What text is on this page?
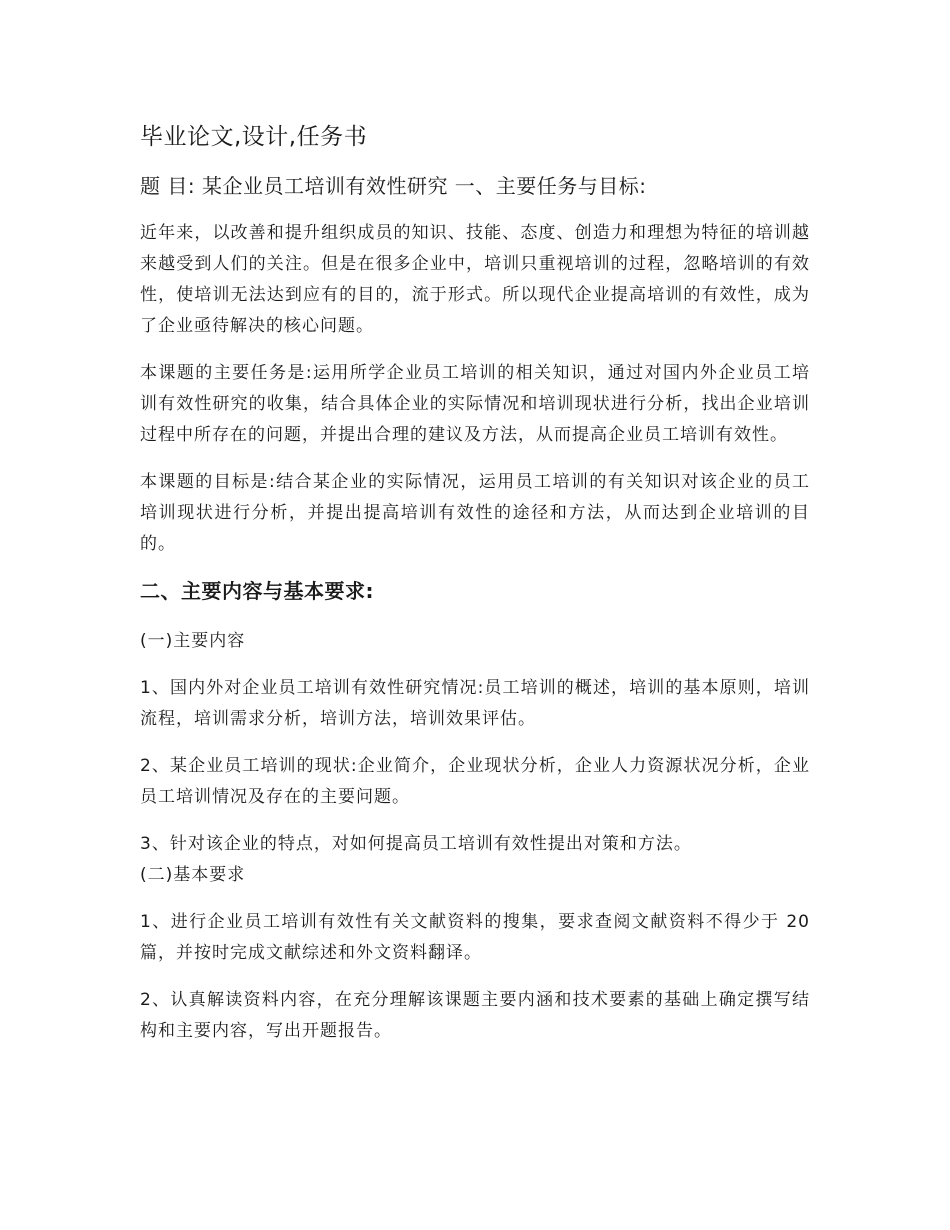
毕业论文,设计,任务书

题 目: 某企业员工培训有效性研究 一、主要任务与目标:

近年来，以改善和提升组织成员的知识、技能、态度、创造力和理想为特征的培训越来越受到人们的关注。但是在很多企业中，培训只重视培训的过程，忽略培训的有效性，使培训无法达到应有的目的，流于形式。所以现代企业提高培训的有效性，成为了企业亟待解决的核心问题。

本课题的主要任务是:运用所学企业员工培训的相关知识，通过对国内外企业员工培训有效性研究的收集，结合具体企业的实际情况和培训现状进行分析，找出企业培训过程中所存在的问题，并提出合理的建议及方法，从而提高企业员工培训有效性。

本课题的目标是:结合某企业的实际情况，运用员工培训的有关知识对该企业的员工培训现状进行分析，并提出提高培训有效性的途径和方法，从而达到企业培训的目的。

二、主要内容与基本要求:

(一)主要内容

1、国内外对企业员工培训有效性研究情况:员工培训的概述，培训的基本原则，培训流程，培训需求分析，培训方法，培训效果评估。

2、某企业员工培训的现状:企业简介，企业现状分析，企业人力资源状况分析，企业员工培训情况及存在的主要问题。

3、针对该企业的特点，对如何提高员工培训有效性提出对策和方法。

(二)基本要求

1、进行企业员工培训有效性有关文献资料的搜集，要求查阅文献资料不得少于 20 篇，并按时完成文献综述和外文资料翻译。

2、认真解读资料内容，在充分理解该课题主要内涵和技术要素的基础上确定撰写结构和主要内容，写出开题报告。
